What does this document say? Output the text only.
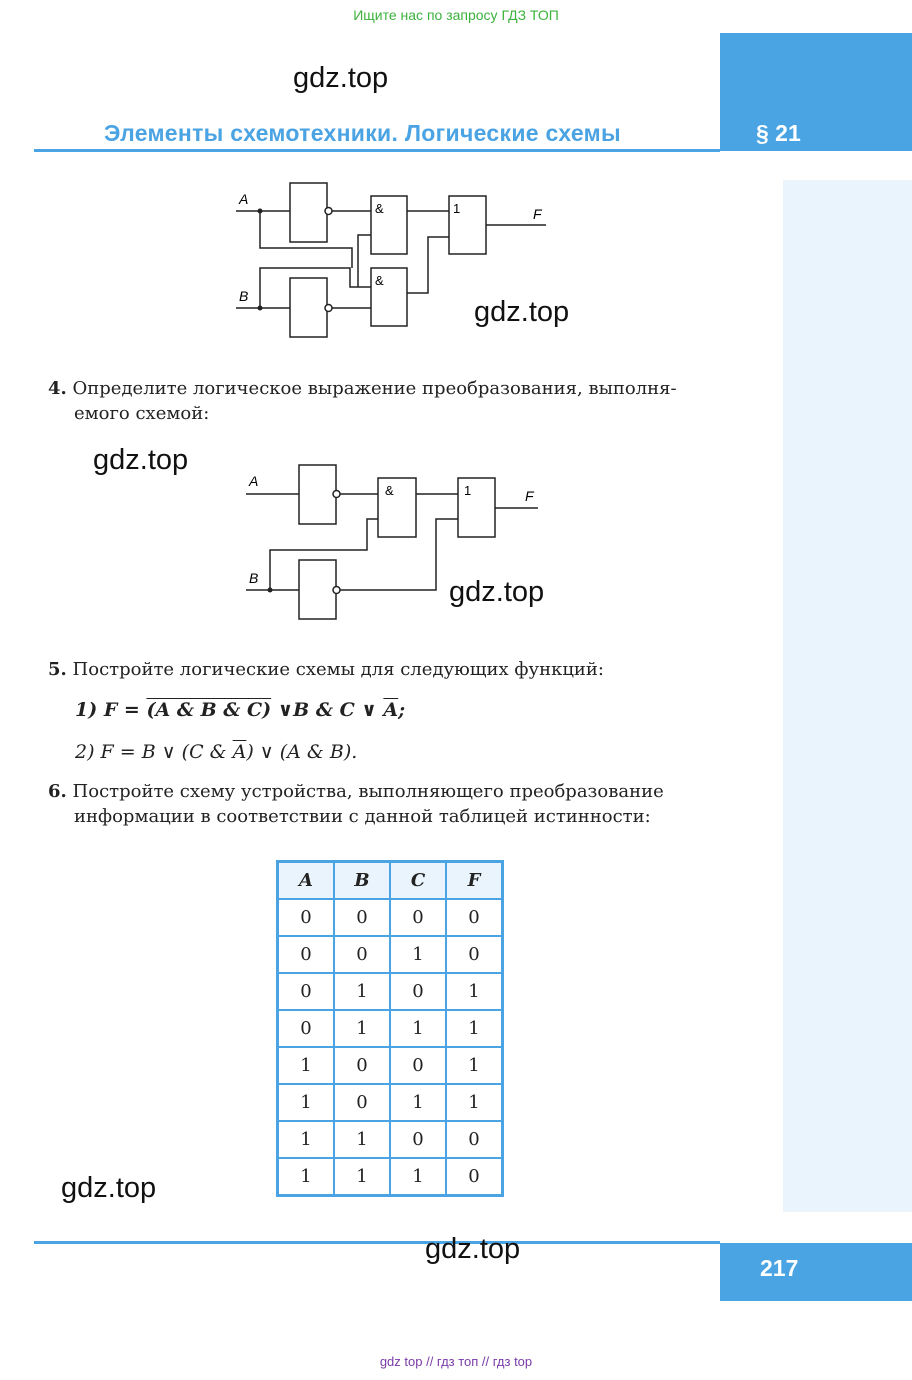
Ищите нас по запросу ГДЗ ТОП
§ 21
gdz.top
Элементы схемотехники. Логические схемы
A
B
F
&
&
1
gdz.top
4. Определите логическое выражение преобразования, выполня-
емого схемой:
gdz.top
A
B
F
&	1
gdz.top
5. Постройте логические схемы для следующих функций:
1) F = (A & B & C) ∨B & C ∨ $\overline{A}$;
2) F = B ∨ (C & $\overline{A}$) ∨ (A & B).
6. Постройте схему устройства, выполняющего преобразование
информации в соответствии с данной таблицей истинности:
A	B	C	F
0	0	0	0
0	0	1	0
0	1	0	1
0	1	1	1
1	0	0	1
1	0	1	1
1	1	0	0
1	1	1	0
gdz.top
217
gdz.top
gdz top // гдз топ // гдз top
